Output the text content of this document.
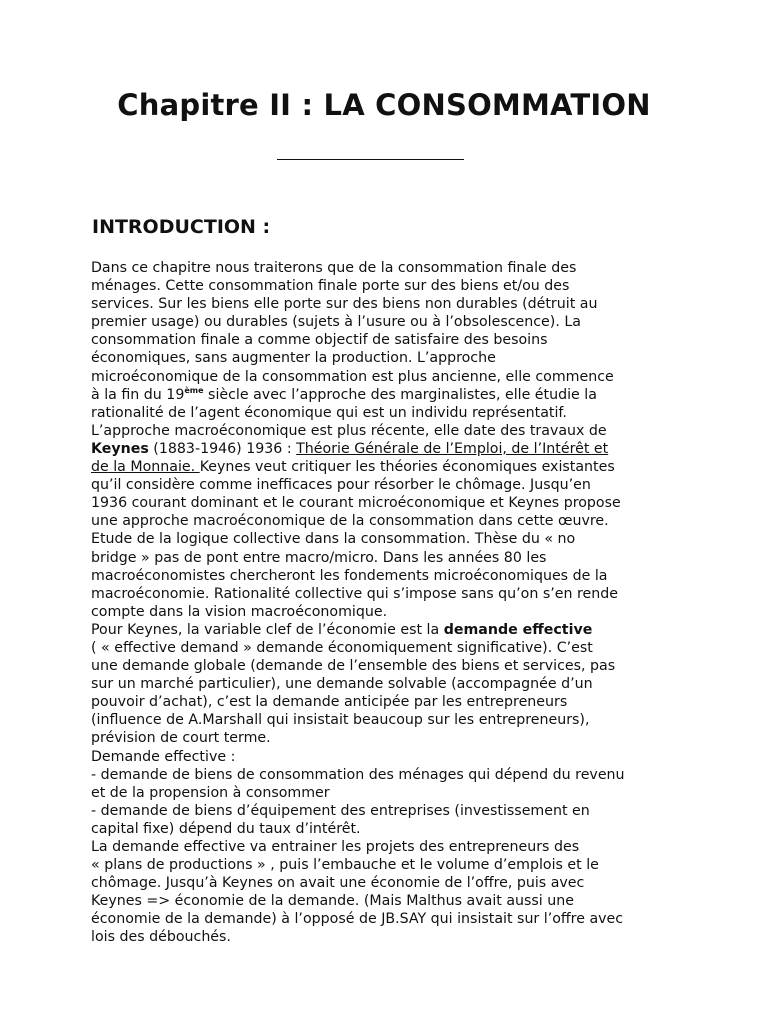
Chapitre II : LA CONSOMMATION
INTRODUCTION :

Dans ce chapitre nous traiterons que de la consommation finale des

ménages. Cette consommation finale porte sur des biens et/ou des

services. Sur les biens elle porte sur des biens non durables (détruit au

premier usage) ou durables (sujets à l’usure ou à l’obsolescence). La

consommation finale a comme objectif de satisfaire des besoins

économiques, sans augmenter la production. L’approche

microéconomique de la consommation est plus ancienne, elle commence

à la fin du 19ème siècle avec l’approche des marginalistes, elle étudie la

rationalité de l’agent économique qui est un individu représentatif.

L’approche macroéconomique est plus récente, elle date des travaux de

Keynes (1883-1946) 1936 : Théorie Générale de l’Emploi, de l’Intérêt et

de la Monnaie. Keynes veut critiquer les théories économiques existantes

qu’il considère comme inefficaces pour résorber le chômage. Jusqu’en

1936 courant dominant et le courant microéconomique et Keynes propose

une approche macroéconomique de la consommation dans cette œuvre.

Etude de la logique collective dans la consommation. Thèse du « no

bridge » pas de pont entre macro/micro. Dans les années 80 les

macroéconomistes chercheront les fondements microéconomiques de la

macroéconomie. Rationalité collective qui s’impose sans qu’on s’en rende

compte dans la vision macroéconomique.

Pour Keynes, la variable clef de l’économie est la demande effective

( « effective demand » demande économiquement significative). C’est

une demande globale (demande de l’ensemble des biens et services, pas

sur un marché particulier), une demande solvable (accompagnée d’un

pouvoir d’achat), c’est la demande anticipée par les entrepreneurs

(influence de A.Marshall qui insistait beaucoup sur les entrepreneurs),

prévision de court terme.

Demande effective :

- demande de biens de consommation des ménages qui dépend du revenu

et de la propension à consommer

- demande de biens d’équipement des entreprises (investissement en

capital fixe) dépend du taux d’intérêt.

La demande effective va entrainer les projets des entrepreneurs des

« plans de productions » , puis l’embauche et le volume d’emplois et le

chômage. Jusqu’à Keynes on avait une économie de l’offre, puis avec

Keynes => économie de la demande. (Mais Malthus avait aussi une

économie de la demande) à l’opposé de JB.SAY qui insistait sur l’offre avec

lois des débouchés.
